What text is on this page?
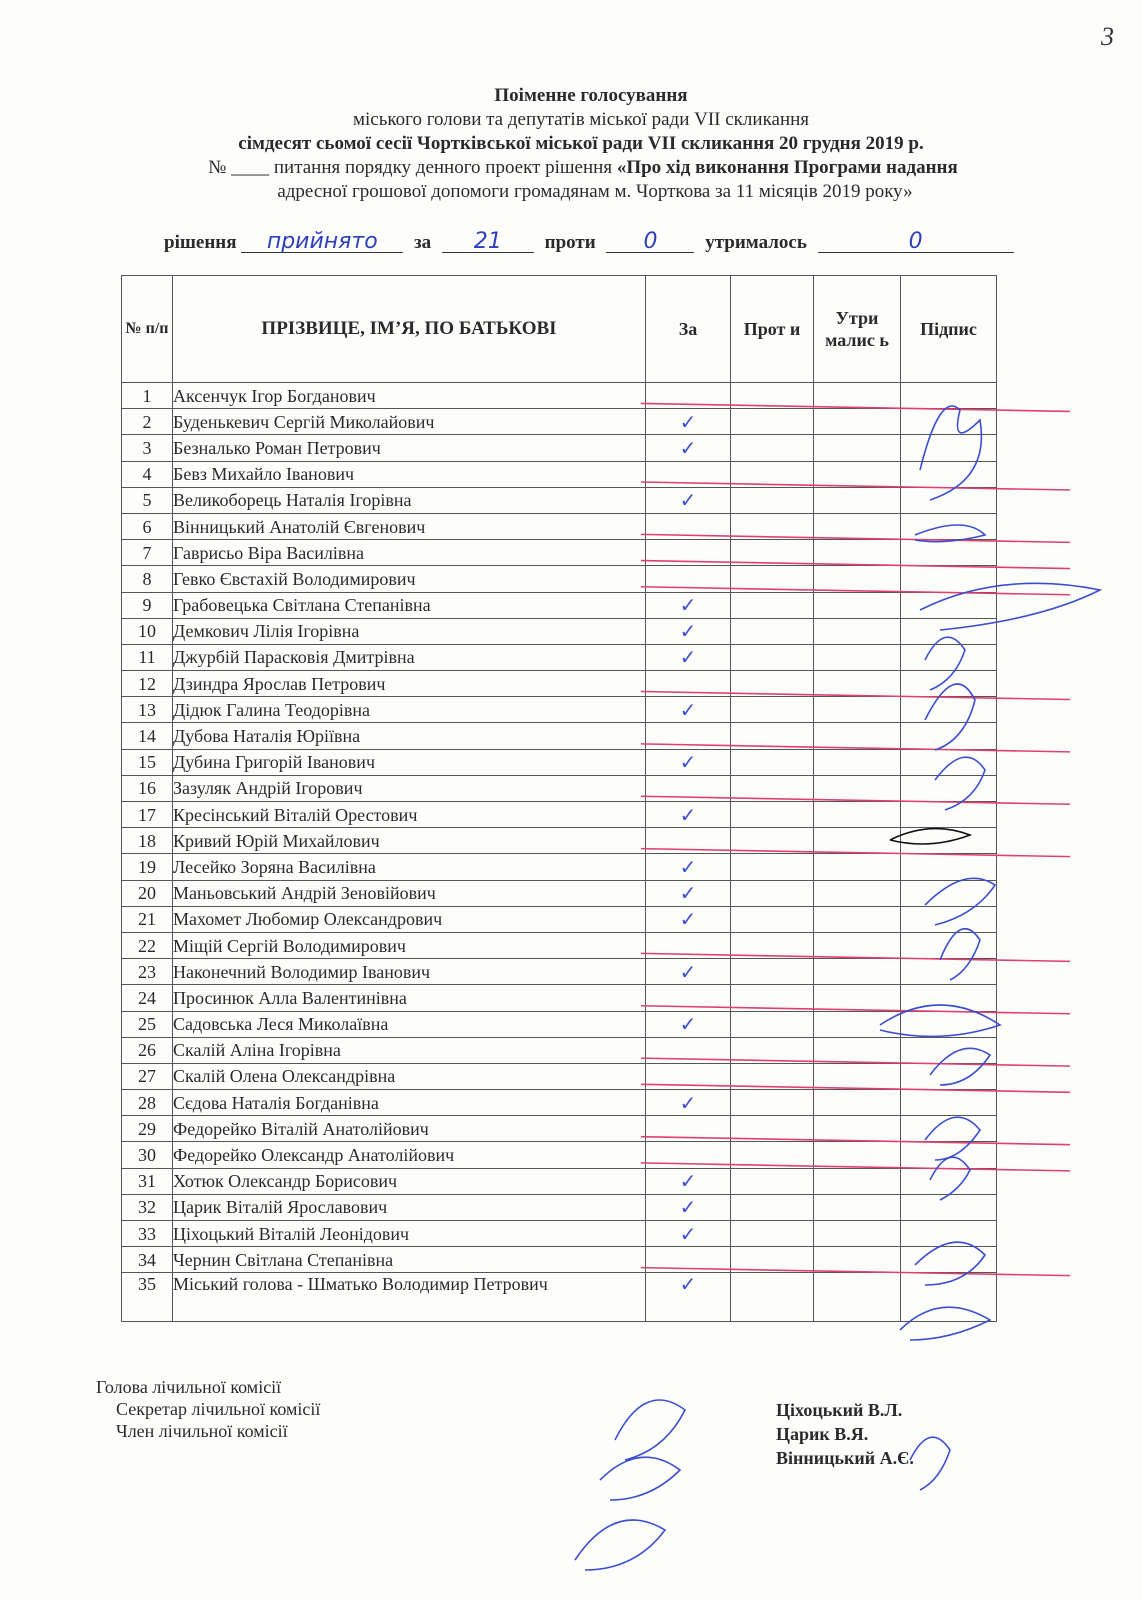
3
Поіменне голосування
міського голови та депутатів міської ради VII скликання
сімдесят сьомої сесії Чортківської міської ради VII скликання 20 грудня 2019 р.
№ ____ питання порядку денного проект рішення «Про хід виконання Програми надання
адресної грошової допомоги громадянам м. Чорткова за 11 місяців 2019 року»
рішення прийнято за 21 проти 0	утрималось	0
№ п/п	ПРІЗВИЦЕ, ІМ’Я, ПО БАТЬКОВІ	За	Прот и	Утри малис ь	Підпис
1	Аксенчук Ігор Богданович				
2	Буденькевич Сергій Миколайович	✓			
3	Безналько Роман Петрович	✓			
4	Бевз Михайло Іванович				
5	Великоборець Наталія Ігорівна	✓			
6	Вінницький Анатолій Євгенович				
7	Гаврисьо Віра Василівна				
8	Гевко Євстахій Володимирович				
9	Грабовецька Світлана Степанівна	✓			
10	Демкович Лілія Ігорівна	✓			
11	Джурбій Парасковія Дмитрівна	✓			
12	Дзиндра Ярослав Петрович				
13	Дідюк Галина Теодорівна	✓			
14	Дубова Наталія Юріївна				
15	Дубина Григорій Іванович	✓			
16	Зазуляк Андрій Ігорович				
17	Кресінський Віталій Орестович	✓			
18	Кривий Юрій Михайлович				
19	Лесейко Зоряна Василівна	✓			
20	Маньовський Андрій Зеновійович	✓			
21	Махомет Любомир Олександрович	✓			
22	Міщій Сергій Володимирович				
23	Наконечний Володимир Іванович	✓			
24	Просинюк Алла Валентинівна				
25	Садовська Леся Миколаївна	✓			
26	Скалій Аліна Ігорівна				
27	Скалій Олена Олександрівна				
28	Сєдова Наталія Богданівна	✓			
29	Федорейко Віталій Анатолійович				
30	Федорейко Олександр Анатолійович				
31	Хотюк Олександр Борисович	✓			
32	Царик Віталій Ярославович	✓			
33	Ціхоцький Віталій Леонідович	✓			
34	Чернин Світлана Степанівна				
35	Міський голова - Шматько Володимир Петрович	✓			
Голова лічильної комісії
Секретар лічильної комісії
Член лічильної комісії
Ціхоцький В.Л.
Царик В.Я.
Вінницький А.Є.
